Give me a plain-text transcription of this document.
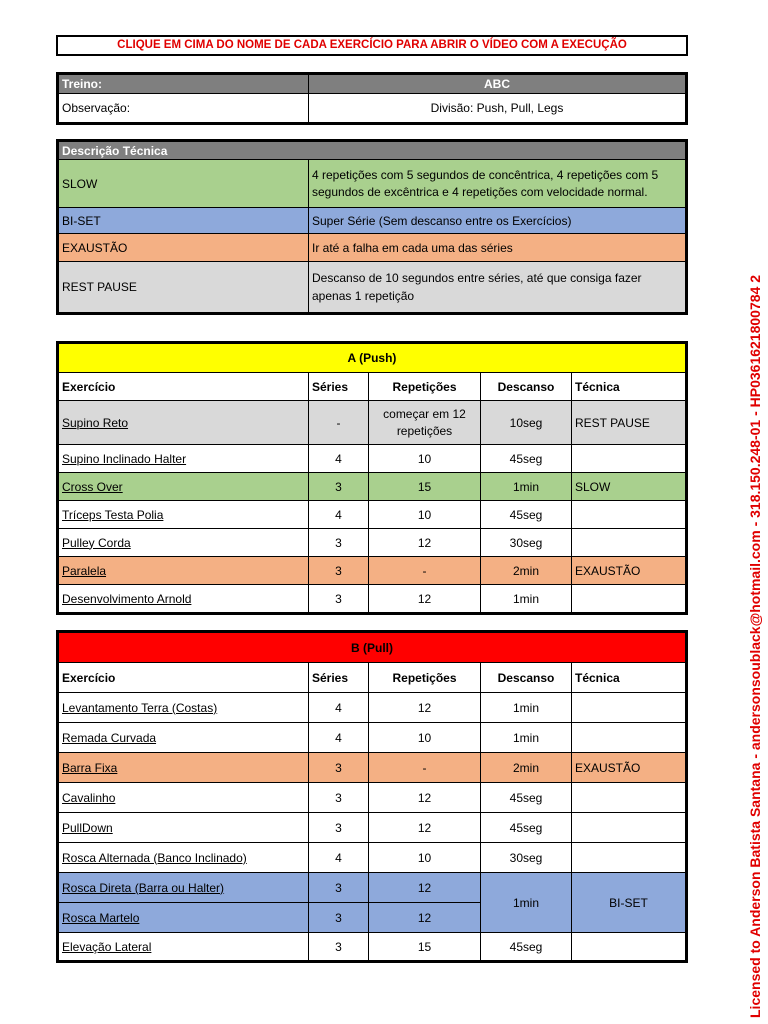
CLIQUE EM CIMA DO NOME DE CADA EXERCÍCIO PARA ABRIR O VÍDEO COM A EXECUÇÃO
Treino:	ABC
Observação:	Divisão: Push, Pull, Legs
Descrição Técnica	
SLOW	4 repetições com 5 segundos de concêntrica, 4 repetições com 5 segundos de excêntrica e 4 repetições com velocidade normal.
BI-SET	Super Série (Sem descanso entre os Exercícios)
EXAUSTÃO	Ir até a falha em cada uma das séries
REST PAUSE	Descanso de 10 segundos entre séries, até que consiga fazer apenas 1 repetição
A (Push)				
Exercício	Séries	Repetições	Descanso	Técnica
Supino Reto	-	começar em 12 repetições	10seg	REST PAUSE
Supino Inclinado Halter	4	10	45seg	
Cross Over	3	15	1min	SLOW
Tríceps Testa Polia	4	10	45seg	
Pulley Corda	3	12	30seg	
Paralela	3	-	2min	EXAUSTÃO
Desenvolvimento Arnold	3	12	1min	
B (Pull)				
Exercício	Séries	Repetições	Descanso	Técnica
Levantamento Terra (Costas)	4	12	1min	
Remada Curvada	4	10	1min	
Barra Fixa	3	-	2min	EXAUSTÃO
Cavalinho	3	12	45seg	
PullDown	3	12	45seg	
Rosca Alternada (Banco Inclinado)	4	10	30seg	
Rosca Direta (Barra ou Halter)	3	12	1min	BI-SET
Rosca Martelo	3	12		
Elevação Lateral	3	15	45seg		Licensed to Anderson Batista Santana - andersonsoublack@hotmail.com - 318.150.248-01 - HP0361621800784 2
